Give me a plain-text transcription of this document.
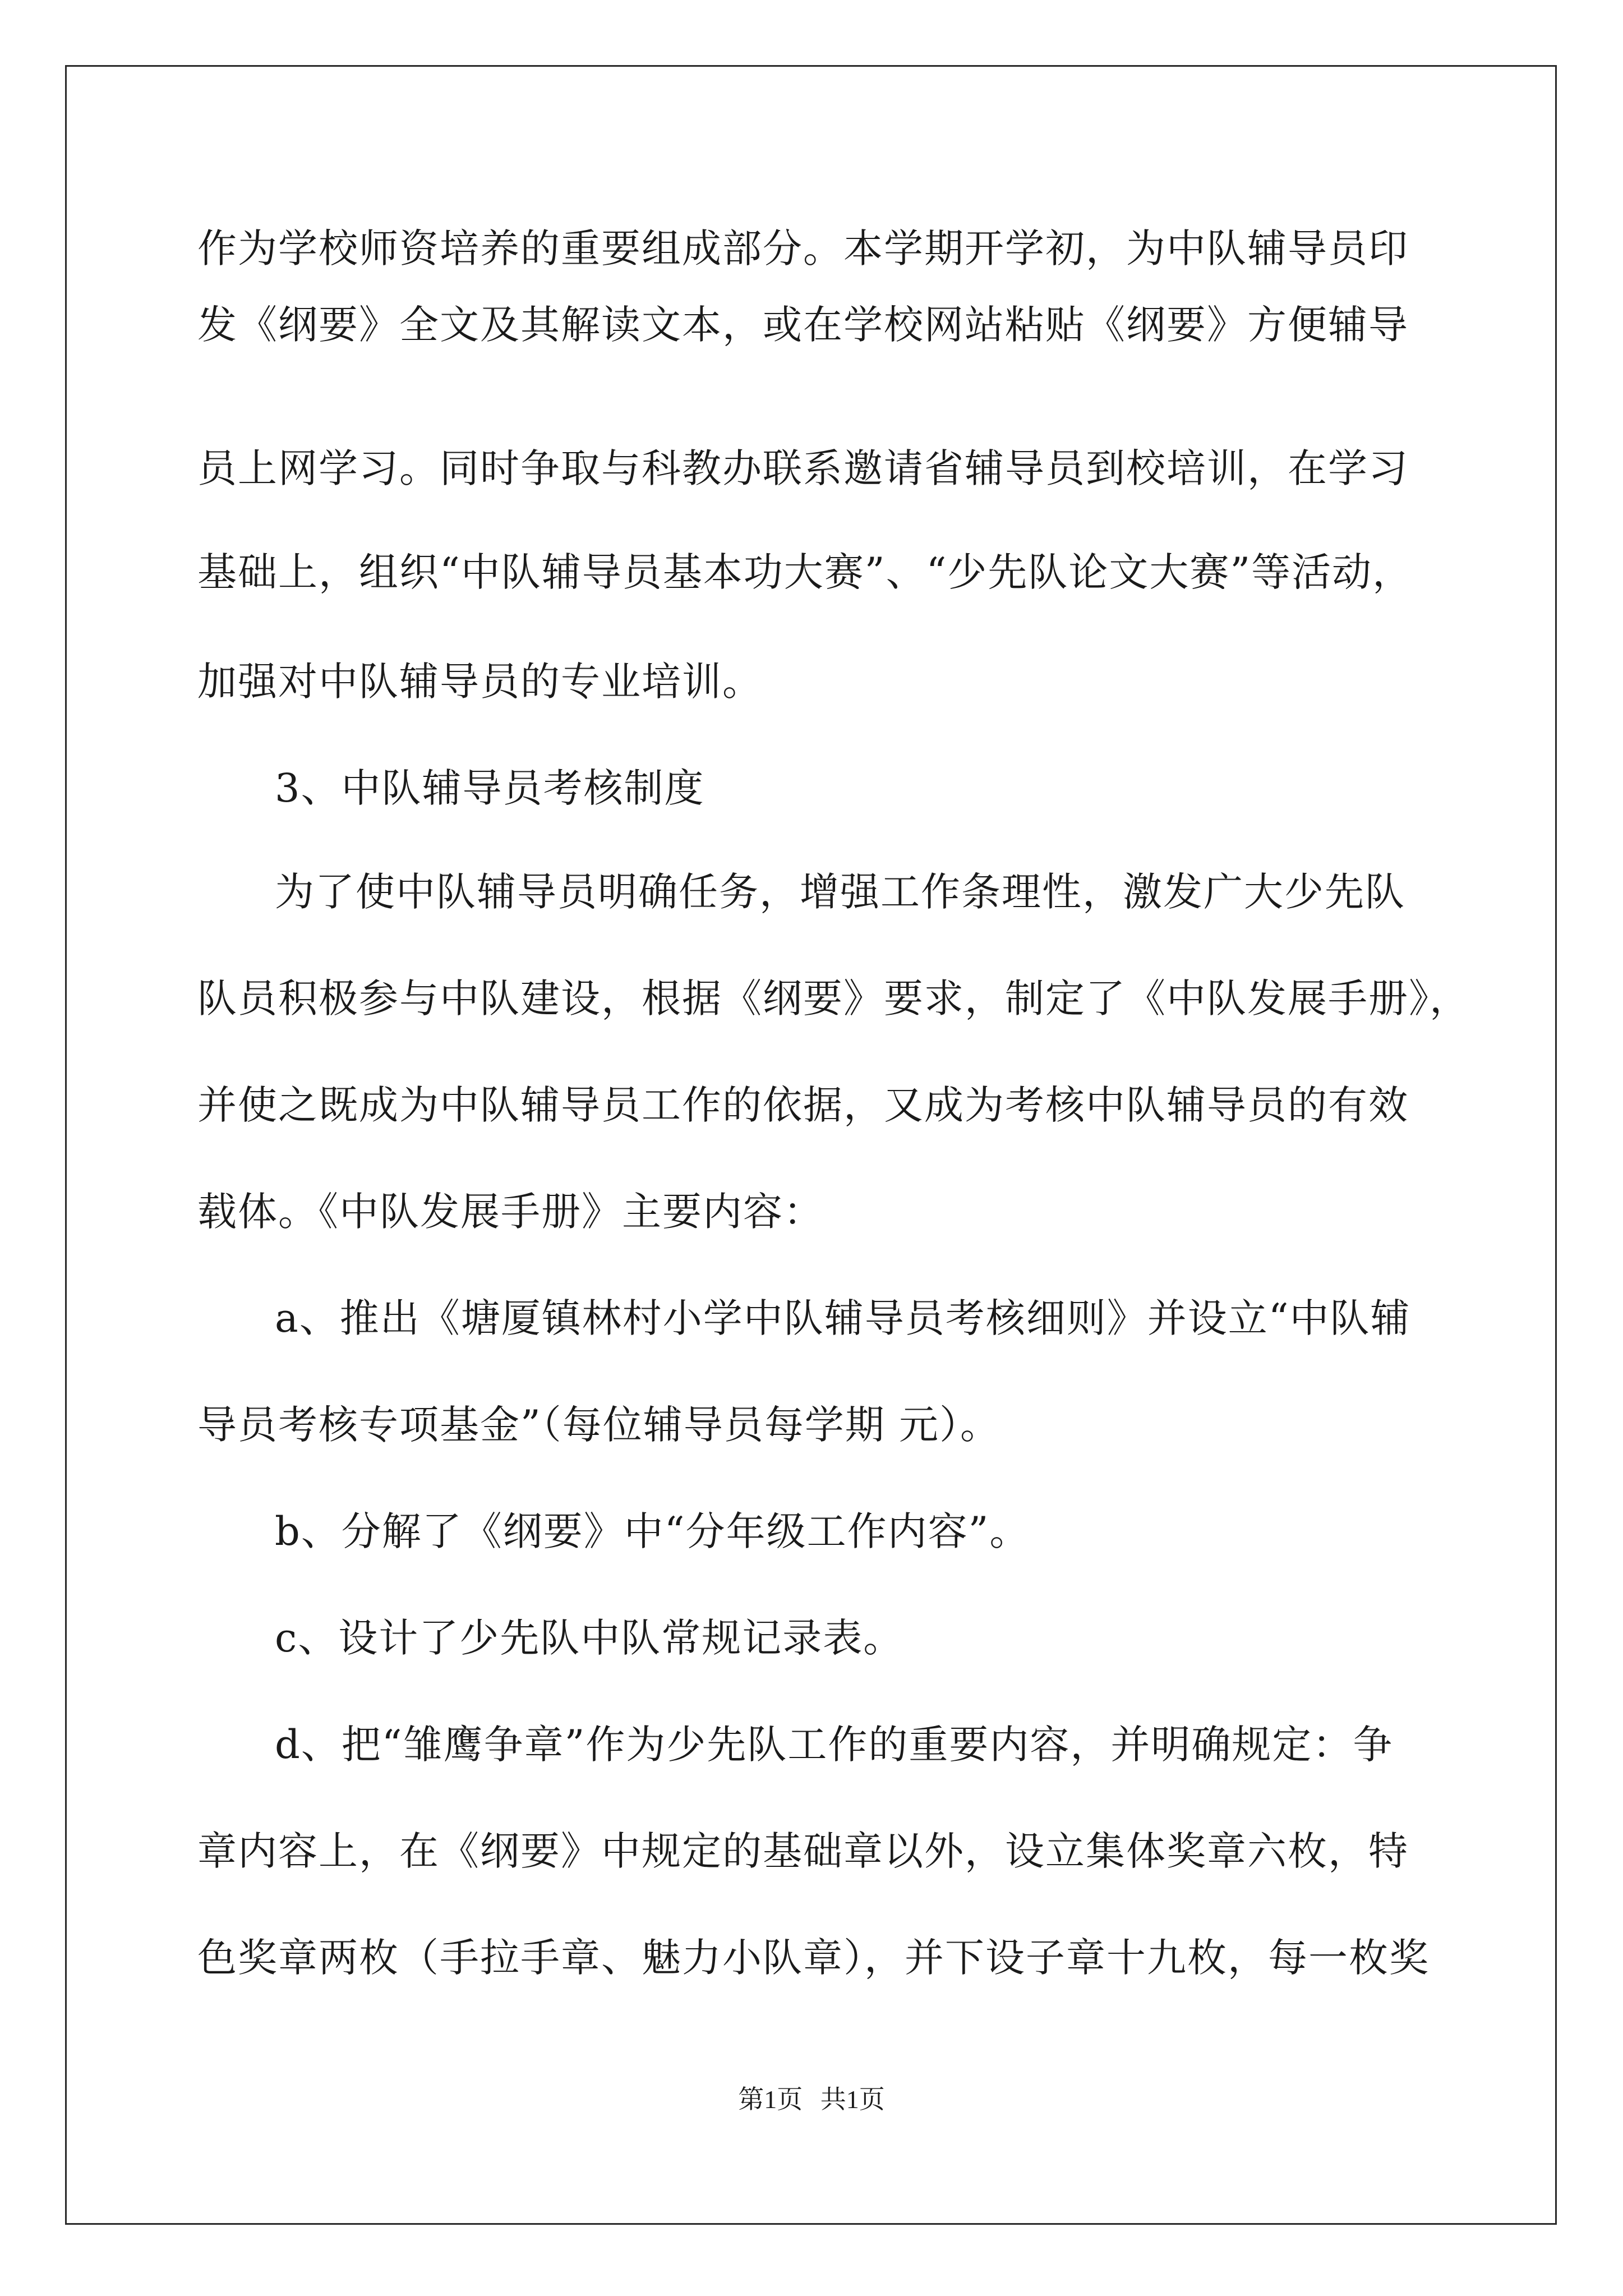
作为学校师资培养的重要组成部分。本学期开学初，为中队辅导员印
发《纲要》全文及其解读文本，或在学校网站粘贴《纲要》方便辅导
员上网学习。同时争取与科教办联系邀请省辅导员到校培训，在学习
基础上，组织“中队辅导员基本功大赛”、“少先队论文大赛”等活动，
加强对中队辅导员的专业培训。
3、中队辅导员考核制度
为了使中队辅导员明确任务，增强工作条理性，激发广大少先队
队员积极参与中队建设，根据《纲要》要求，制定了《中队发展手册》，
并使之既成为中队辅导员工作的依据，又成为考核中队辅导员的有效
载体。《中队发展手册》主要内容：
a、推出《塘厦镇林村小学中队辅导员考核细则》并设立“中队辅
导员考核专项基金”（每位辅导员每学期 元）。
b、分解了《纲要》中“分年级工作内容”。
c、设计了少先队中队常规记录表。
d、把“雏鹰争章”作为少先队工作的重要内容，并明确规定：争
章内容上，在《纲要》中规定的基础章以外，设立集体奖章六枚，特
色奖章两枚（手拉手章、魅力小队章），并下设子章十九枚，每一枚奖
第1页 共1页
